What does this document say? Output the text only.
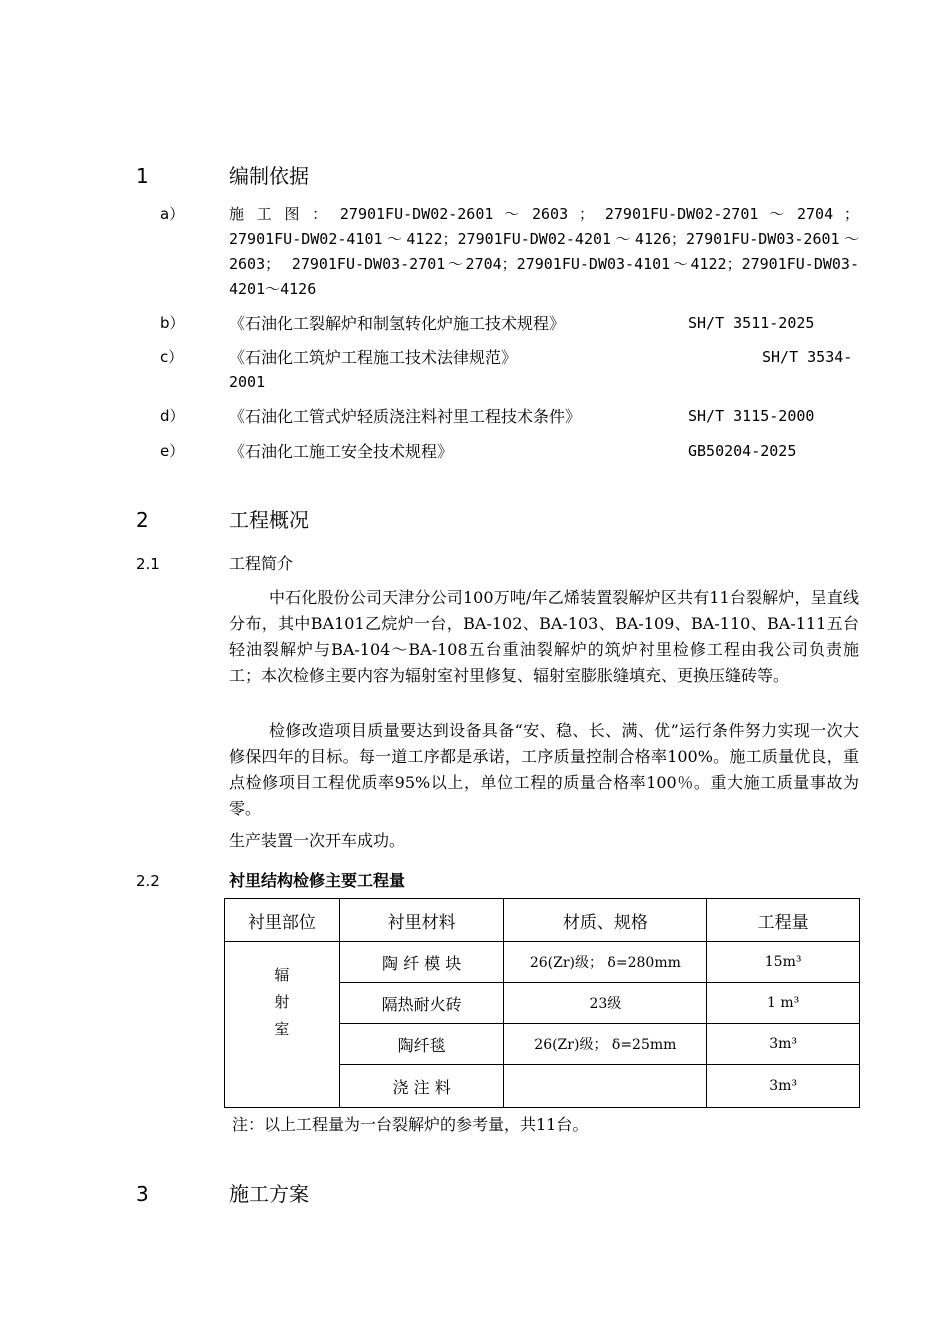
1	编制依据
a）	施 工 图 ： 27901FU-DW02-2601 ～ 2603 ； 27901FU-DW02-2701 ～ 2704 ； 27901FU-DW02-4101～4122；27901FU-DW02-4201～4126；27901FU-DW03-2601～2603； 27901FU-DW03-2701～2704；27901FU-DW03-4101～4122；27901FU-DW03-4201～4126
b）	《石油化工裂解炉和制氢转化炉施工技术规程》	SH/T 3511-2025
c）	《石油化工筑炉工程施工技术法律规范》	SH/T 3534-
2001
d）	《石油化工管式炉轻质浇注料衬里工程技术条件》	SH/T 3115-2000
e）	《石油化工施工安全技术规程》	GB50204-2025
2	工程概况
2.1	工程简介
中石化股份公司天津分公司100万吨/年乙烯装置裂解炉区共有11台裂解炉，呈直线分布，其中BA101乙烷炉一台，BA-102、BA-103、BA-109、BA-110、BA-111五台轻油裂解炉与BA-104～BA-108五台重油裂解炉的筑炉衬里检修工程由我公司负责施工；本次检修主要内容为辐射室衬里修复、辐射室膨胀缝填充、更换压缝砖等。
检修改造项目质量要达到设备具备“安、稳、长、满、优”运行条件努力实现一次大修保四年的目标。每一道工序都是承诺，工序质量控制合格率100%。施工质量优良，重点检修项目工程优质率95%以上，单位工程的质量合格率100％。重大施工质量事故为零。
生产装置一次开车成功。
2.2	衬里结构检修主要工程量
衬里部位	衬里材料	材质、规格	工程量

辐
射
室	陶 纤 模 块	26(Zr)级； δ=280mm	15m³
	隔热耐火砖	23级	1 m³
	陶纤毯	26(Zr)级； δ=25mm	3m³
	浇 注 料		3m³
注：以上工程量为一台裂解炉的参考量，共11台。
3	施工方案
